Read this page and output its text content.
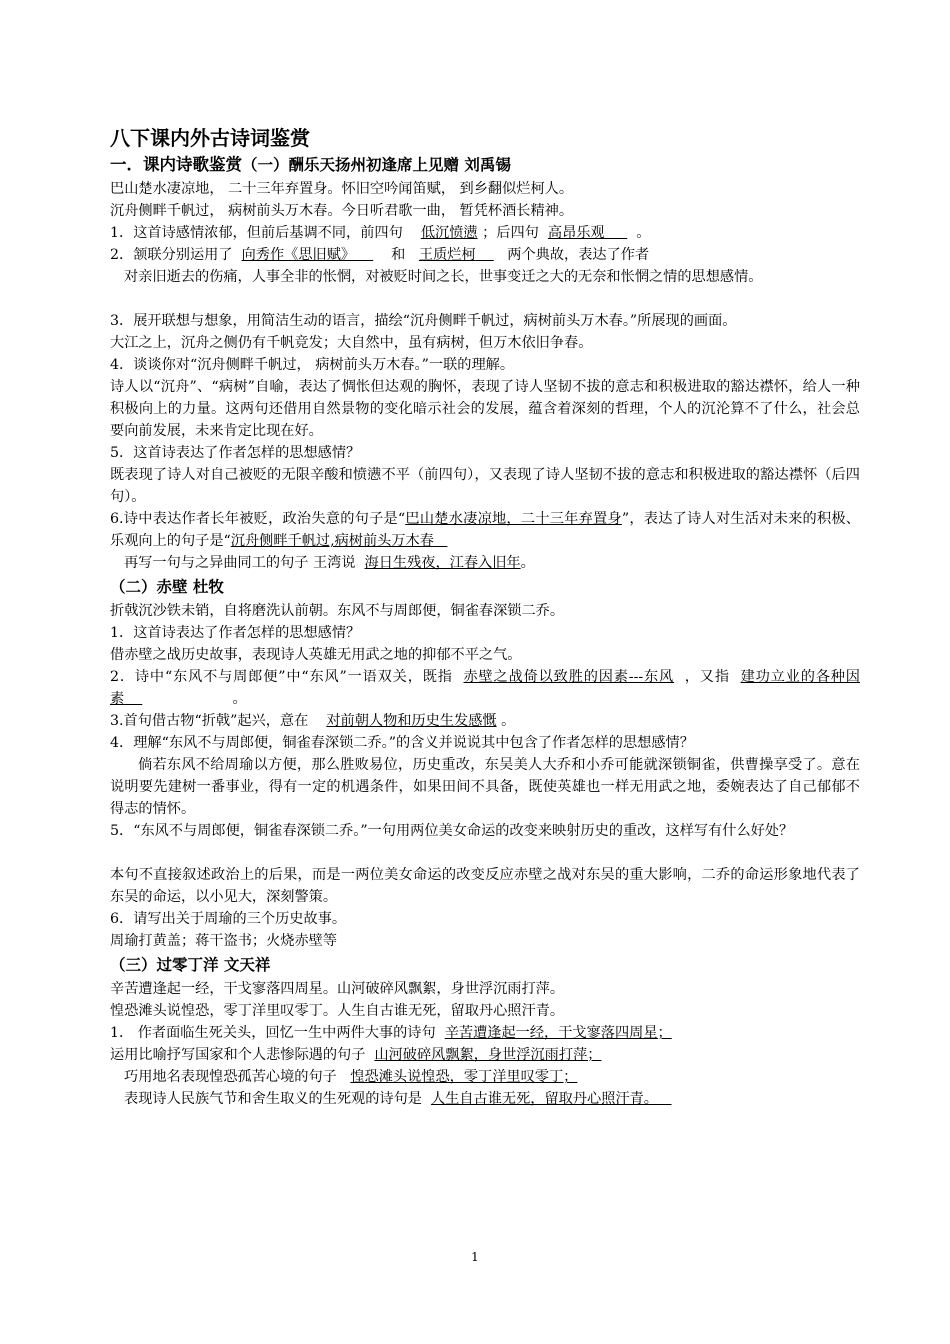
八下课内外古诗词鉴赏
一．课内诗歌鉴赏（一）酬乐天扬州初逢席上见赠 刘禹锡
巴山楚水凄凉地， 二十三年弃置身。怀旧空吟闻笛赋， 到乡翻似烂柯人。
沉舟侧畔千帆过， 病树前头万木春。今日听君歌一曲， 暂凭杯酒长精神。
1．这首诗感情浓郁，但前后基调不同，前四句 低沉愤懑 ；后四句 高昂乐观 。
2．颔联分别运用了 向秀作《思旧赋》	和 王质烂柯 两个典故，表达了作者
对亲旧逝去的伤痛，人事全非的怅惘，对被贬时间之长，世事变迁之大的无奈和怅惘之情的思想感情。
3．展开联想与想象，用简洁生动的语言，描绘“沉舟侧畔千帆过，病树前头万木春。”所展现的画面。
大江之上，沉舟之侧仍有千帆竞发；大自然中，虽有病树，但万木依旧争春。
4．谈谈你对“沉舟侧畔千帆过， 病树前头万木春。”一联的理解。
诗人以“沉舟”、“病树”自喻，表达了惆怅但达观的胸怀，表现了诗人坚韧不拔的意志和积极进取的豁达襟怀，给人一种积极向上的力量。这两句还借用自然景物的变化暗示社会的发展，蕴含着深刻的哲理，个人的沉沦算不了什么，社会总要向前发展，未来肯定比现在好。
5．这首诗表达了作者怎样的思想感情？
既表现了诗人对自己被贬的无限辛酸和愤懑不平（前四句），又表现了诗人坚韧不拔的意志和积极进取的豁达襟怀（后四句）。
6.诗中表达作者长年被贬，政治失意的句子是“巴山楚水凄凉地，二十三年弃置身”，表达了诗人对生活对未来的积极、乐观向上的句子是“沉舟侧畔千帆过,病树前头万木春
再写一句与之异曲同工的句子 王湾说 海日生残夜，江春入旧年。
（二）赤壁 杜牧
折戟沉沙铁未销，自将磨洗认前朝。东风不与周郎便，铜雀春深锁二乔。
1．这首诗表达了作者怎样的思想感情？
借赤壁之战历史故事，表现诗人英雄无用武之地的抑郁不平之气。
2．诗中“东风不与周郎便”中“东风”一语双关，既指 赤壁之战倚以致胜的因素---东风 ，又指 建功立业的各种因素	。
3.首句借古物“折戟”起兴，意在 对前朝人物和历史生发感慨 。
4．理解“东风不与周郎便，铜雀春深锁二乔。”的含义并说说其中包含了作者怎样的思想感情？
倘若东风不给周瑜以方便，那么胜败易位，历史重改，东吴美人大乔和小乔可能就深锁铜雀，供曹操享受了。意在说明要先建树一番事业，得有一定的机遇条件，如果田间不具备，既使英雄也一样无用武之地，委婉表达了自己郁郁不得志的情怀。
5．“东风不与周郎便，铜雀春深锁二乔。”一句用两位美女命运的改变来映射历史的重改，这样写有什么好处？
本句不直接叙述政治上的后果，而是一两位美女命运的改变反应赤壁之战对东吴的重大影响，二乔的命运形象地代表了东吴的命运，以小见大，深刻警策。
6．请写出关于周瑜的三个历史故事。
周瑜打黄盖；蒋干盗书；火烧赤壁等
（三）过零丁洋 文天祥
辛苦遭逢起一经，干戈寥落四周星。山河破碎风飘絮，身世浮沉雨打萍。
惶恐滩头说惶恐，零丁洋里叹零丁。人生自古谁无死，留取丹心照汗青。
1． 作者面临生死关头，回忆一生中两件大事的诗句 辛苦遭逢起一经，干戈寥落四周星；
运用比喻抒写国家和个人悲惨际遇的句子 山河破碎风飘絮，身世浮沉雨打萍；
巧用地名表现惶恐孤苦心境的句子 惶恐滩头说惶恐，零丁洋里叹零丁；
表现诗人民族气节和舍生取义的生死观的诗句是 人生自古谁无死，留取丹心照汗青。
1
